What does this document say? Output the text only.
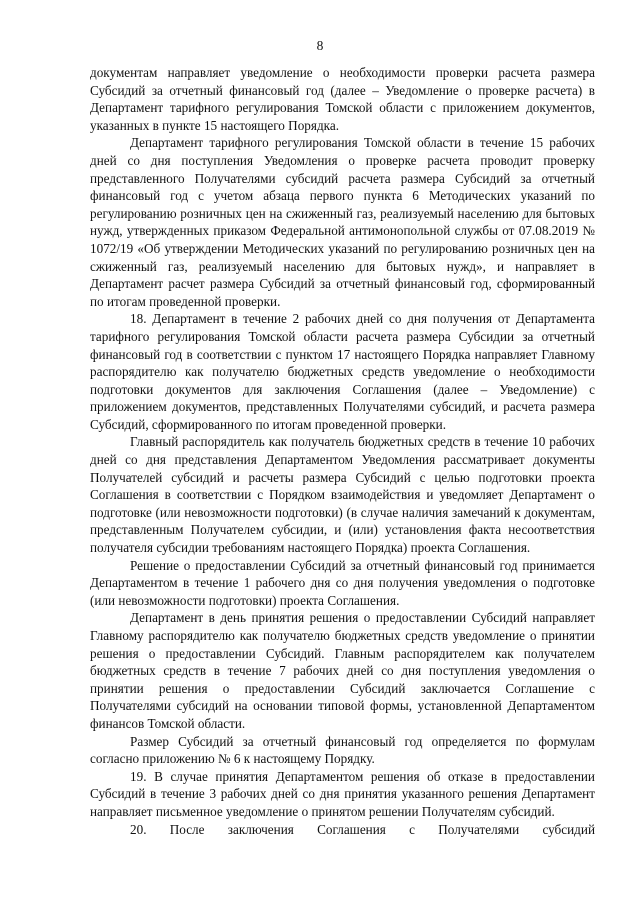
8

документам направляет уведомление о необходимости проверки расчета размера Субсидий за отчетный финансовый год (далее – Уведомление о проверке расчета) в Департамент тарифного регулирования Томской области с приложением документов, указанных в пункте 15 настоящего Порядка.

Департамент тарифного регулирования Томской области в течение 15 рабочих дней со дня поступления Уведомления о проверке расчета проводит проверку представленного Получателями субсидий расчета размера Субсидий за отчетный финансовый год с учетом абзаца первого пункта 6 Методических указаний по регулированию розничных цен на сжиженный газ, реализуемый населению для бытовых нужд, утвержденных приказом Федеральной антимонопольной службы от 07.08.2019 № 1072/19 «Об утверждении Методических указаний по регулированию розничных цен на сжиженный газ, реализуемый населению для бытовых нужд», и направляет в Департамент расчет размера Субсидий за отчетный финансовый год, сформированный по итогам проведенной проверки.

18. Департамент в течение 2 рабочих дней со дня получения от Департамента тарифного регулирования Томской области расчета размера Субсидии за отчетный финансовый год в соответствии с пунктом 17 настоящего Порядка направляет Главному распорядителю как получателю бюджетных средств уведомление о необходимости подготовки документов для заключения Соглашения (далее – Уведомление) с приложением документов, представленных Получателями субсидий, и расчета размера Субсидий, сформированного по итогам проведенной проверки.

Главный распорядитель как получатель бюджетных средств в течение 10 рабочих дней со дня представления Департаментом Уведомления рассматривает документы Получателей субсидий и расчеты размера Субсидий с целью подготовки проекта Соглашения в соответствии с Порядком взаимодействия и уведомляет Департамент о подготовке (или невозможности подготовки) (в случае наличия замечаний к документам, представленным Получателем субсидии, и (или) установления факта несоответствия получателя субсидии требованиям настоящего Порядка) проекта Соглашения.

Решение о предоставлении Субсидий за отчетный финансовый год принимается Департаментом в течение 1 рабочего дня со дня получения уведомления о подготовке (или невозможности подготовки) проекта Соглашения.

Департамент в день принятия решения о предоставлении Субсидий направляет Главному распорядителю как получателю бюджетных средств уведомление о принятии решения о предоставлении Субсидий. Главным распорядителем как получателем бюджетных средств в течение 7 рабочих дней со дня поступления уведомления о принятии решения о предоставлении Субсидий заключается Соглашение с Получателями субсидий на основании типовой формы, установленной Департаментом финансов Томской области.

Размер Субсидий за отчетный финансовый год определяется по формулам согласно приложению № 6 к настоящему Порядку.

19. В случае принятия Департаментом решения об отказе в предоставлении Субсидий в течение 3 рабочих дней со дня принятия указанного решения Департамент направляет письменное уведомление о принятом решении Получателям субсидий.

20. После заключения Соглашения с Получателями субсидий
